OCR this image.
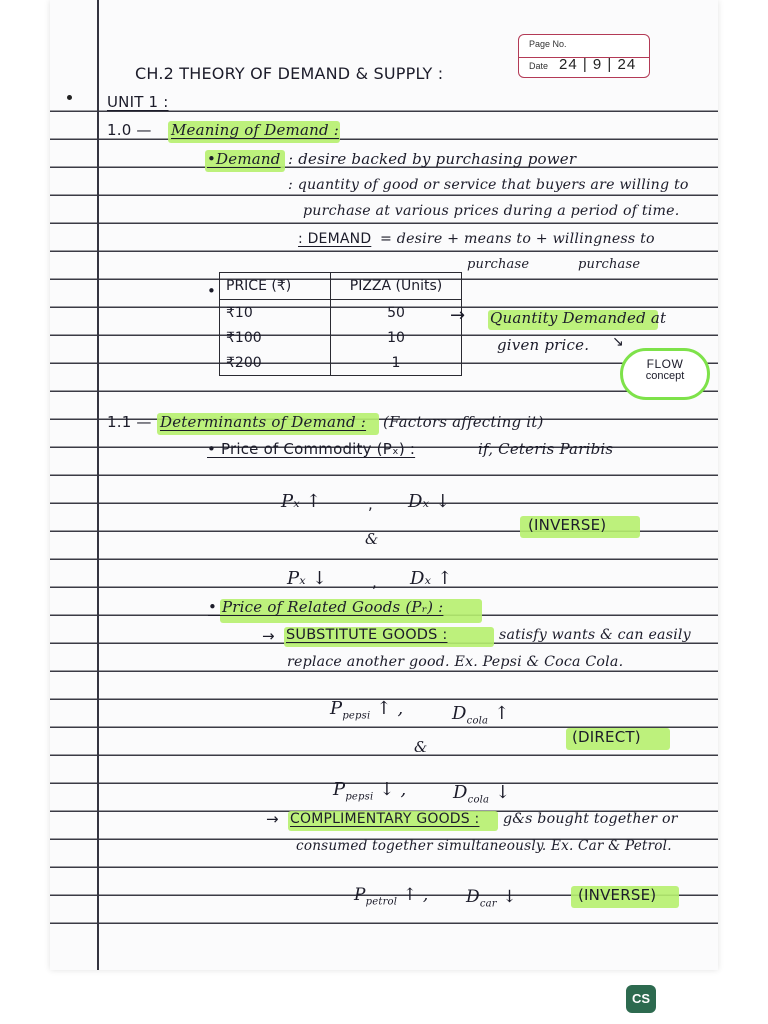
Page No.
Date 24 | 9 | 24
CH.2 THEORY OF DEMAND & SUPPLY :
UNIT 1 :
1.0 — Meaning of Demand :
•Demand : desire backed by purchasing power
: quantity of good or service that buyers are willing to
purchase at various prices during a period of time.
: DEMAND = desire + means to + willingness to
purchase	purchase
• PRICE (₹)	PIZZA (Units)
₹10	50
₹100	10
₹200	1
→ Quantity Demanded at
given price. ↘
FLOW
concept
1.1 — Determinants of Demand : (Factors affecting it)
• Price of Commodity (Pₓ) :	if, Ceteris Paribis
Pₓ ↑	, Dₓ ↓
&
(INVERSE)
Pₓ ↓	, Dₓ ↑
• Price of Related Goods (Pᵣ) :
→ SUBSTITUTE GOODS :	satisfy wants & can easily
replace another good. Ex. Pepsi & Coca Cola.
$P_{pepsi}$ ↑ ,	$D_{cola}$ ↑
&
(DIRECT)
$P_{pepsi}$ ↓ ,	$D_{cola}$ ↓
→ COMPLIMENTARY GOODS : g&s bought together or
consumed together simultaneously. Ex. Car & Petrol.
$P_{petrol}$ ↑ , $D_{car}$ ↓	(INVERSE)
CS
